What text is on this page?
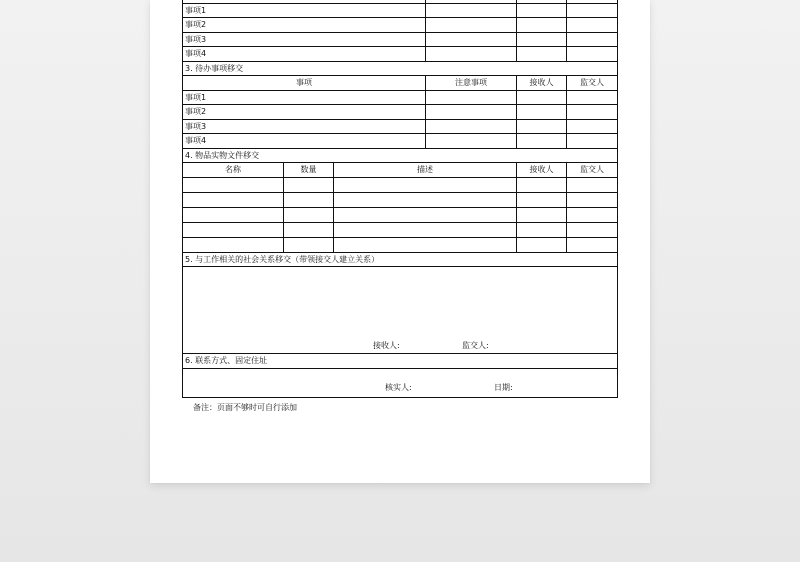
事项1					
事项2					
事项3					
事项4					
3. 待办事项移交					
事项			注意事项	接收人	监交人
事项1					
事项2					
事项3					
事项4					
4. 物品实物文件移交					
名称	数量	描述		接收人	监交人

5. 与工作相关的社会关系移交（带领接交人建立关系）					

接收人: 监交人:					

6. 联系方式、固定住址					

核实人: 日期:					
备注：页面不够时可自行添加
